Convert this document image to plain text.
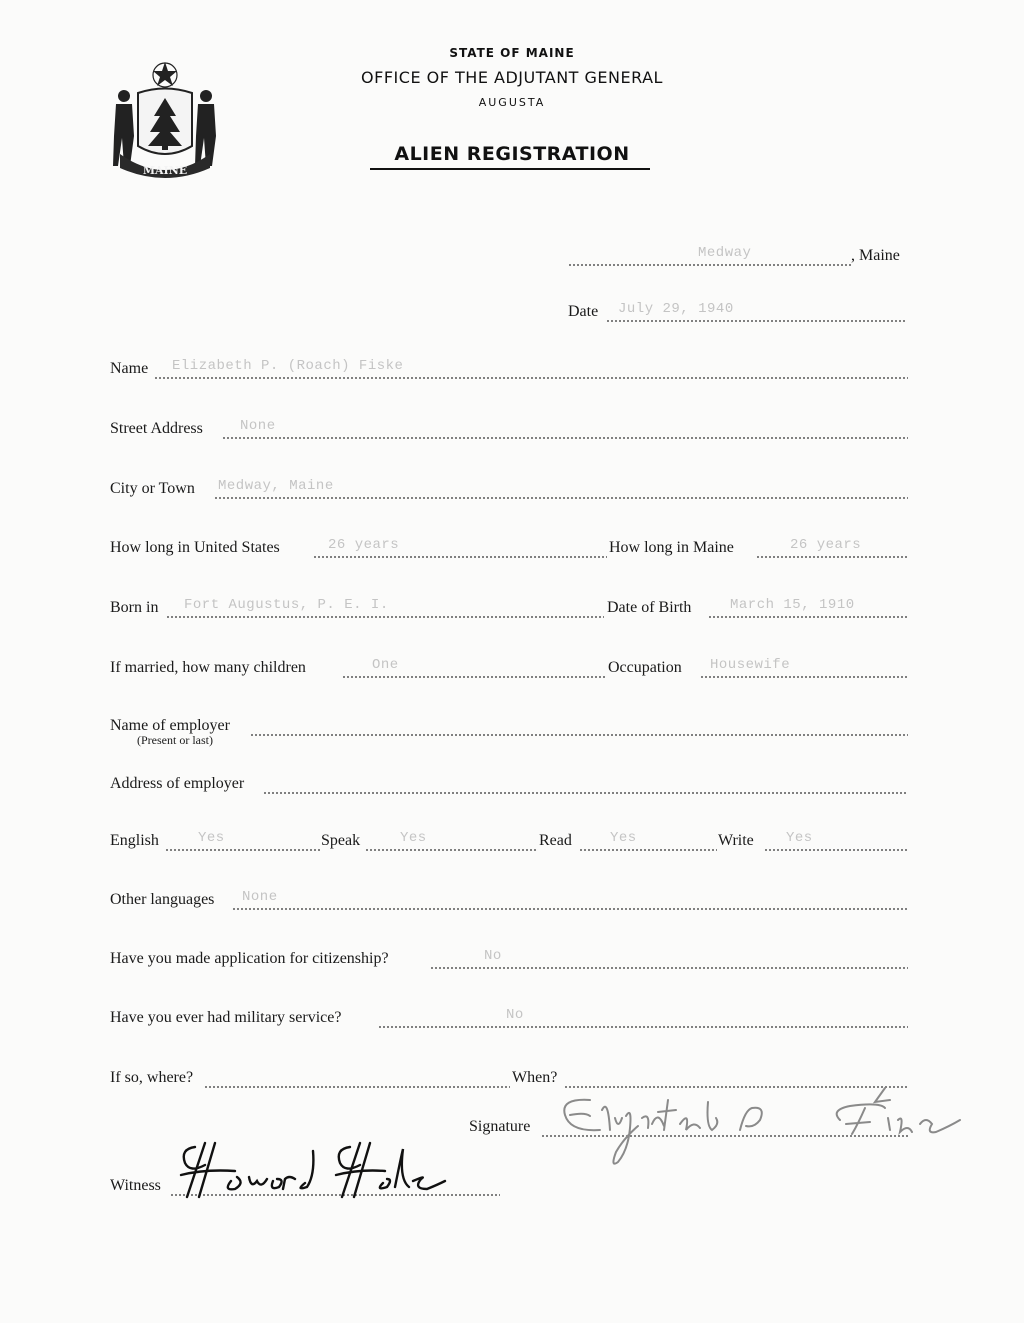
MAINE
STATE OF MAINE
OFFICE OF THE ADJUTANT GENERAL
AUGUSTA
ALIEN REGISTRATION
Medway	, Maine
Date July 29, 1940
Name Elizabeth P. (Roach) Fiske
Street Address	None
City or Town Medway, Maine
How long in United States	26 years	How long in Maine	26 years
Born in Fort Augustus, P. E. I.	Date of Birth	March 15, 1910
If married, how many children	One	Occupation Housewife
Name of employer
(Present or last)
Address of employer
English	Yes	Speak	Yes	Read	Yes	Write Yes
Other languages None
Have you made application for citizenship?	No
Have you ever had military service?	No
If so, where?	When?
Signature
Witness
